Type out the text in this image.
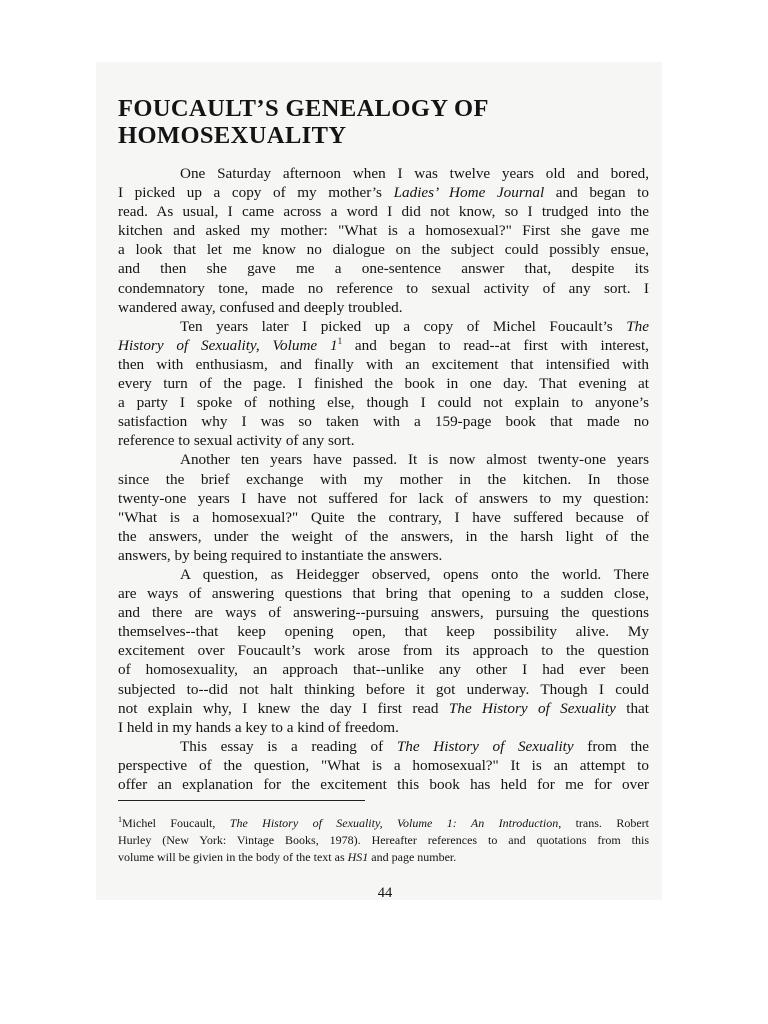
FOUCAULT’S GENEALOGY OF
HOMOSEXUALITY
One Saturday afternoon when I was twelve years old and bored,
I picked up a copy of my mother’s Ladies’ Home Journal and began to
read. As usual, I came across a word I did not know, so I trudged into the
kitchen and asked my mother: "What is a homosexual?" First she gave me
a look that let me know no dialogue on the subject could possibly ensue,
and then she gave me a one-sentence answer that, despite its
condemnatory tone, made no reference to sexual activity of any sort. I
wandered away, confused and deeply troubled.
Ten years later I picked up a copy of Michel Foucault’s The
History of Sexuality, Volume $1^1$ and began to read--at first with interest,
then with enthusiasm, and finally with an excitement that intensified with
every turn of the page. I finished the book in one day. That evening at
a party I spoke of nothing else, though I could not explain to anyone’s
satisfaction why I was so taken with a 159-page book that made no
reference to sexual activity of any sort.
Another ten years have passed. It is now almost twenty-one years
since the brief exchange with my mother in the kitchen. In those
twenty-one years I have not suffered for lack of answers to my question:
"What is a homosexual?" Quite the contrary, I have suffered because of
the answers, under the weight of the answers, in the harsh light of the
answers, by being required to instantiate the answers.
A question, as Heidegger observed, opens onto the world. There
are ways of answering questions that bring that opening to a sudden close,
and there are ways of answering--pursuing answers, pursuing the questions
themselves--that keep opening open, that keep possibility alive. My
excitement over Foucault’s work arose from its approach to the question
of homosexuality, an approach that--unlike any other I had ever been
subjected to--did not halt thinking before it got underway. Though I could
not explain why, I knew the day I first read The History of Sexuality that
I held in my hands a key to a kind of freedom.
This essay is a reading of The History of Sexuality from the
perspective of the question, "What is a homosexual?" It is an attempt to
offer an explanation for the excitement this book has held for me for over
$^1$Michel Foucault, The History of Sexuality, Volume 1: An Introduction, trans. Robert
Hurley (New York: Vintage Books, 1978). Hereafter references to and quotations from this
volume will be givien in the body of the text as HS1 and page number.
44
